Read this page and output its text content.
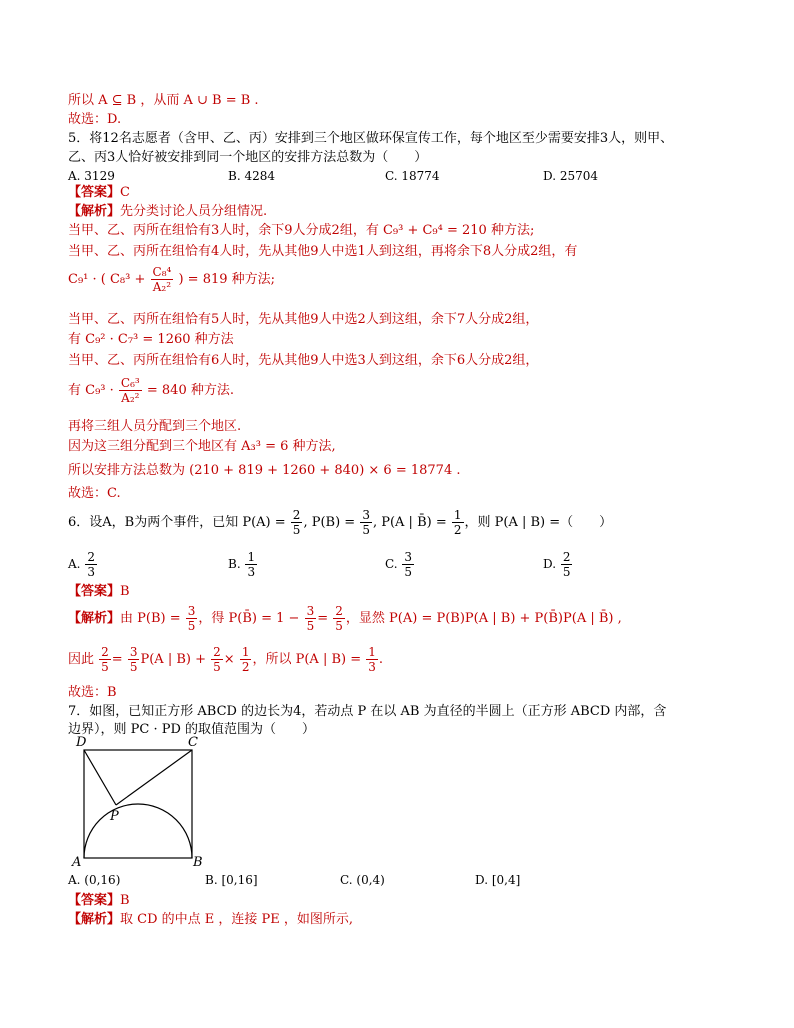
所以 A ⊆ B ，从而 A ∪ B = B .
故选：D.
5．将12名志愿者（含甲、乙、丙）安排到三个地区做环保宣传工作，每个地区至少需要安排3人，则甲、
乙、丙3人恰好被安排到同一个地区的安排方法总数为（　　）
A. 3129	B. 4284	C. 18774	D. 25704
【答案】C
【解析】先分类讨论人员分组情况.
当甲、乙、丙所在组恰有3人时，余下9人分成2组，有 C₉³ + C₉⁴ = 210 种方法;
当甲、乙、丙所在组恰有4人时，先从其他9人中选1人到这组，再将余下8人分成2组，有
C₉¹ · ( $C_8^3 + \frac{\text{C₈⁴}}{\text{A₂²}}$ ) = 819 种方法;
当甲、乙、丙所在组恰有5人时，先从其他9人中选2人到这组，余下7人分成2组，
有 C₉² · C₇³ = 1260 种方法
当甲、乙、丙所在组恰有6人时，先从其他9人中选3人到这组，余下6人分成2组，
有 $C_9^3 \cdot \frac{\text{C₆³}}{\text{A₂²}} = 840$ 种方法.
再将三组人员分配到三个地区.
因为这三组分配到三个地区有 A₃³ = 6 种方法,
所以安排方法总数为 (210 + 819 + 1260 + 840) × 6 = 18774 .
故选：C.
6．设A，B为两个事件，已知 $P(A) = \frac{2}{5}$ , $P(B) = \frac{3}{5}$ , P(A | B̄) = $\frac{1}{2}$ ，则 P(A | B) =（　　）
A. $\frac{2}{3}$	B. $\frac{1}{3}$	C. $\frac{3}{5}$	D. $\frac{2}{5}$
【答案】B
【解析】由 $P(B) = \frac{3}{5}$ ，得 P(B̄) = $1 - \frac{3}{5} = \frac{2}{5}$ ，显然 P(A) = P(B)P(A | B) + P(B̄)P(A | B̄) ,
因此 $\frac{2}{5} = \frac{3}{5} P(A$ | $B) + \frac{2}{5} \times \frac{1}{2}$ ，所以 P(A | $B) = \frac{1}{3}$ .
故选：B
7．如图，已知正方形 ABCD 的边长为4，若动点 P 在以 AB 为直径的半圆上（正方形 ABCD 内部，含
边界），则 PC · PD 的取值范围为（　　）
D	C
A	B
P
A. (0,16)	B. [0,16]	C. (0,4)	D. [0,4]
【答案】B
【解析】取 CD 的中点 E ，连接 PE ，如图所示,
